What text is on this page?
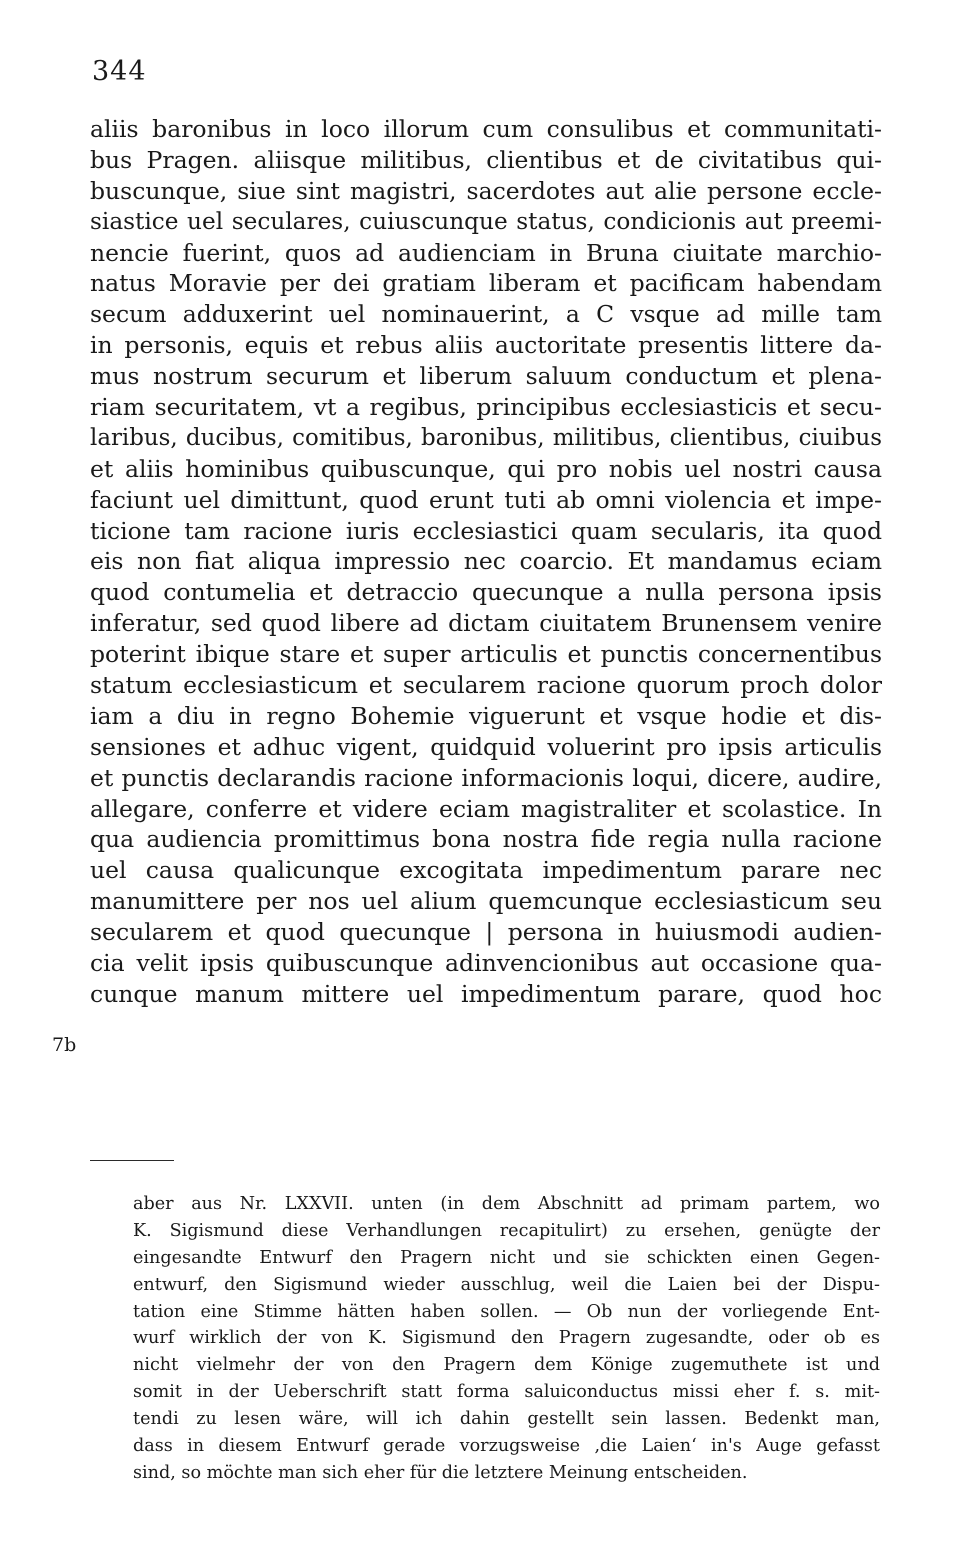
344
aliis baronibus in loco illorum cum consulibus et communitati-
bus Pragen. aliisque militibus, clientibus et de civitatibus qui-
buscunque, siue sint magistri, sacerdotes aut alie persone eccle-
siastice uel seculares, cuiuscunque status, condicionis aut preemi-
nencie fuerint, quos ad audienciam in Bruna ciuitate marchio-
natus Moravie per dei gratiam liberam et pacificam habendam
secum adduxerint uel nominauerint, a C vsque ad mille tam
in personis, equis et rebus aliis auctoritate presentis littere da-
mus nostrum securum et liberum saluum conductum et plena-
riam securitatem, vt a regibus, principibus ecclesiasticis et secu-
laribus, ducibus, comitibus, baronibus, militibus, clientibus, ciuibus
et aliis hominibus quibuscunque, qui pro nobis uel nostri causa
faciunt uel dimittunt, quod erunt tuti ab omni violencia et impe-
ticione tam racione iuris ecclesiastici quam secularis, ita quod
eis non fiat aliqua impressio nec coarcio. Et mandamus eciam
quod contumelia et detraccio quecunque a nulla persona ipsis
inferatur, sed quod libere ad dictam ciuitatem Brunensem venire
poterint ibique stare et super articulis et punctis concernentibus
statum ecclesiasticum et secularem racione quorum proch dolor
iam a diu in regno Bohemie viguerunt et vsque hodie et dis-
sensiones et adhuc vigent, quidquid voluerint pro ipsis articulis
et punctis declarandis racione informacionis loqui, dicere, audire,
allegare, conferre et videre eciam magistraliter et scolastice. In
qua audiencia promittimus bona nostra fide regia nulla racione
uel causa qualicunque excogitata impedimentum parare nec
manumittere per nos uel alium quemcunque ecclesiasticum seu
secularem et quod quecunque | persona in huiusmodi audien-
cia velit ipsis quibuscunque adinvencionibus aut occasione qua-
cunque manum mittere uel impedimentum parare, quod hoc
7b
aber aus Nr. LXXVII. unten (in dem Abschnitt ad primam partem, wo
K. Sigismund diese Verhandlungen recapitulirt) zu ersehen, genügte der
eingesandte Entwurf den Pragern nicht und sie schickten einen Gegen-
entwurf, den Sigismund wieder ausschlug, weil die Laien bei der Dispu-
tation eine Stimme hätten haben sollen. — Ob nun der vorliegende Ent-
wurf wirklich der von K. Sigismund den Pragern zugesandte, oder ob es
nicht vielmehr der von den Pragern dem Könige zugemuthete ist und
somit in der Ueberschrift statt forma saluiconductus missi eher f. s. mit-
tendi zu lesen wäre, will ich dahin gestellt sein lassen. Bedenkt man,
dass in diesem Entwurf gerade vorzugsweise ‚die Laien‘ in's Auge gefasst
sind, so möchte man sich eher für die letztere Meinung entscheiden.
